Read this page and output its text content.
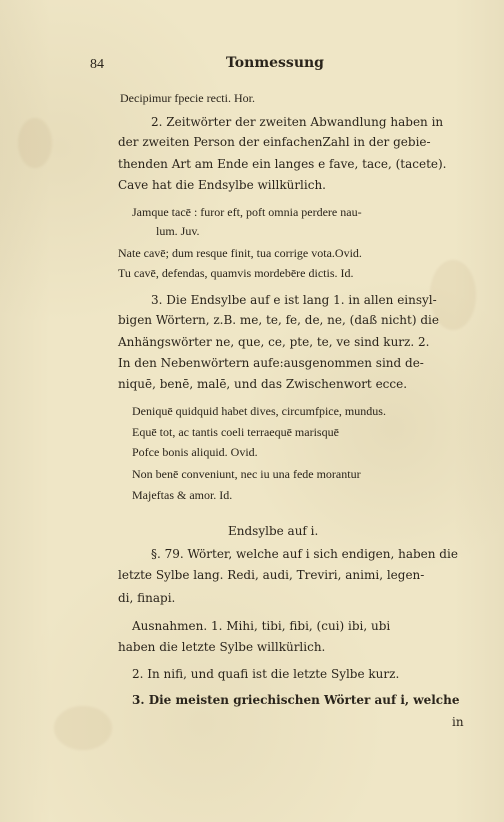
84	Tonmessung
Decipimur fpecie recti. Hor.
2. Zeitwörter der zweiten Abwandlung haben in
der zweiten Person der einfachenZahl in der gebie-
thenden Art am Ende ein langes e fave, tace, (tacete).
Cave hat die Endsylbe willkürlich.
Jamque tacē : furor eft, poft omnia perdere nau-
lum. Juv.
Nate cavē; dum resque finit, tua corrige vota.Ovid.
Tu cavē, defendas, quamvis mordebēre dictis. Id.
3. Die Endsylbe auf e ist lang 1. in allen einsyl-
bigen Wörtern, z.B. me, te, fe, de, ne, (daß nicht) die
Anhängswörter ne, que, ce, pte, te, ve sind kurz. 2.
In den Nebenwörtern aufe:ausgenommen sind de-
niquē, benē, malē, und das Zwischenwort ecce.
Deniquē quidquid habet dives, circumfpice, mundus.
Equē tot, ac tantis coeli terraequē marisquē
Pofce bonis aliquid. Ovid.
Non benē conveniunt, nec iu una fede morantur
Majeftas & amor. Id.
Endsylbe auf i.
§. 79. Wörter, welche auf i sich endigen, haben die
letzte Sylbe lang. Redi, audi, Treviri, animi, legen-
di, finapi.
Ausnahmen. 1. Mihi, tibi, fibi, (cui) ibi, ubi
haben die letzte Sylbe willkürlich.
2. In nifi, und quafi ist die letzte Sylbe kurz.
3. Die meisten griechischen Wörter auf i, welche
in
